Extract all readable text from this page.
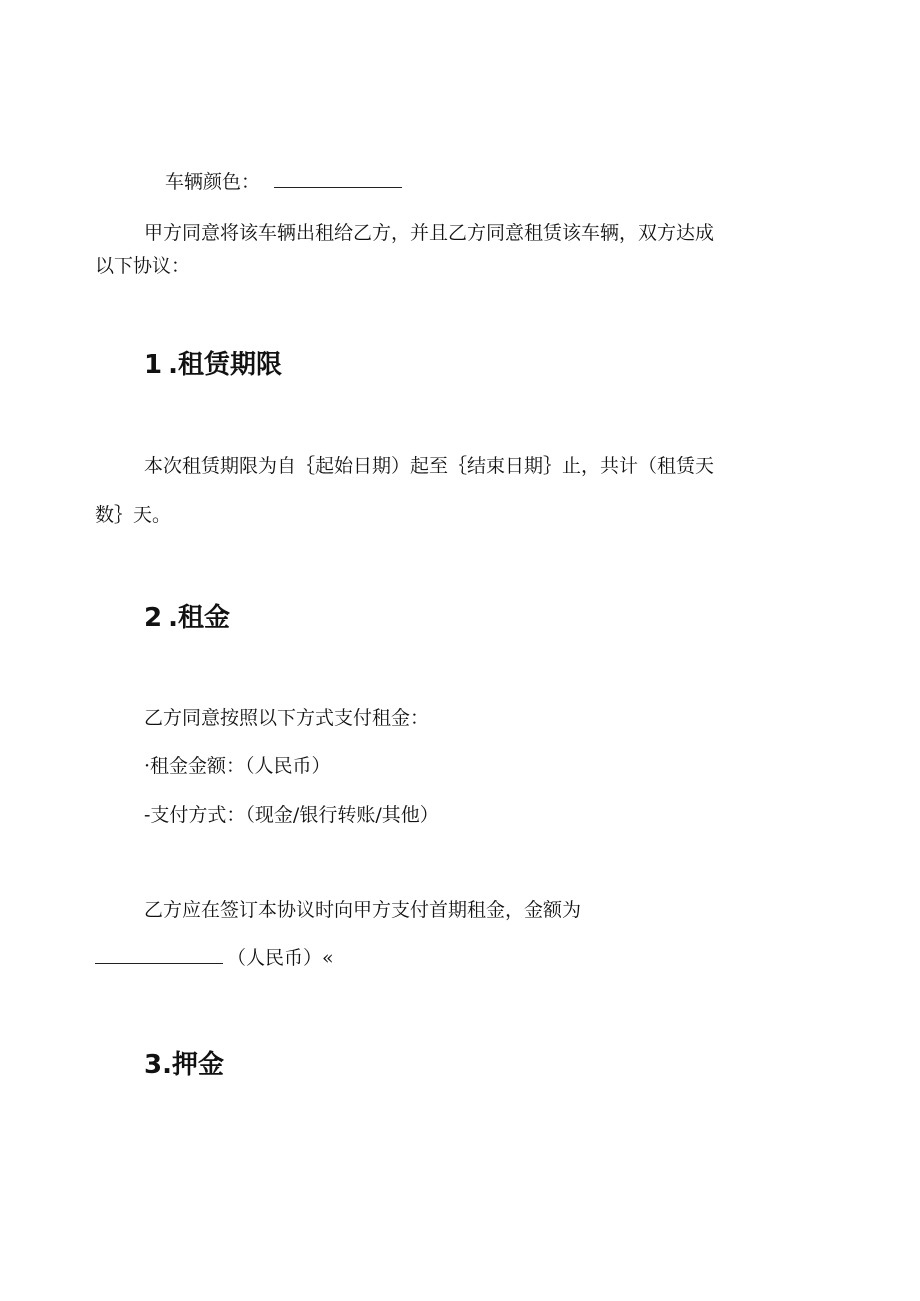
车辆颜色：
甲方同意将该车辆出租给乙方，并且乙方同意租赁该车辆，双方达成
以下协议：
1 .租赁期限
本次租赁期限为自｛起始日期）起至｛结束日期｝止，共计（租赁天
数｝天。
2 .租金
乙方同意按照以下方式支付租金：
·租金金额：（人民币）
-支付方式：（现金/银行转账/其他）
乙方应在签订本协议时向甲方支付首期租金，金额为
（人民币）«
3.押金
